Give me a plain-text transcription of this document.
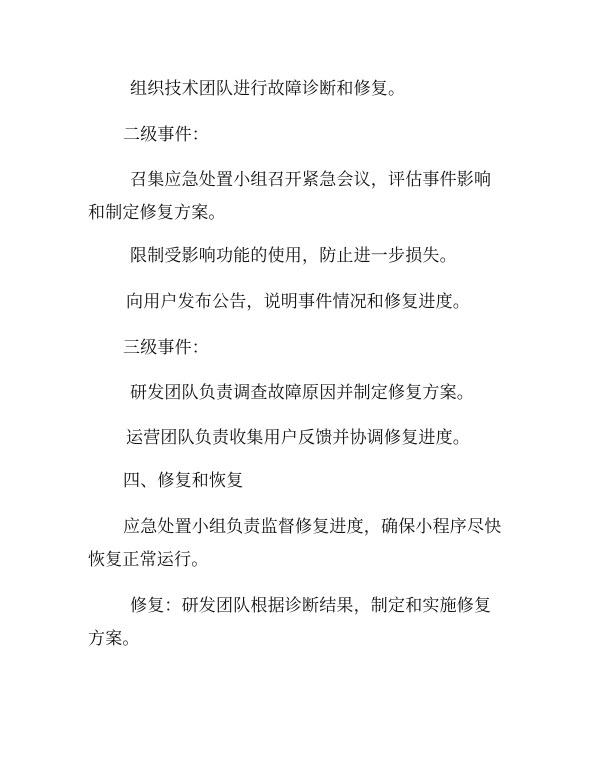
组织技术团队进行故障诊断和修复。

二级事件：

召集应急处置小组召开紧急会议，评估事件影响

和制定修复方案。

限制受影响功能的使用，防止进一步损失。

向用户发布公告，说明事件情况和修复进度。

三级事件：

研发团队负责调查故障原因并制定修复方案。

运营团队负责收集用户反馈并协调修复进度。

四、修复和恢复

应急处置小组负责监督修复进度，确保小程序尽快

恢复正常运行。

修复：研发团队根据诊断结果，制定和实施修复

方案。
